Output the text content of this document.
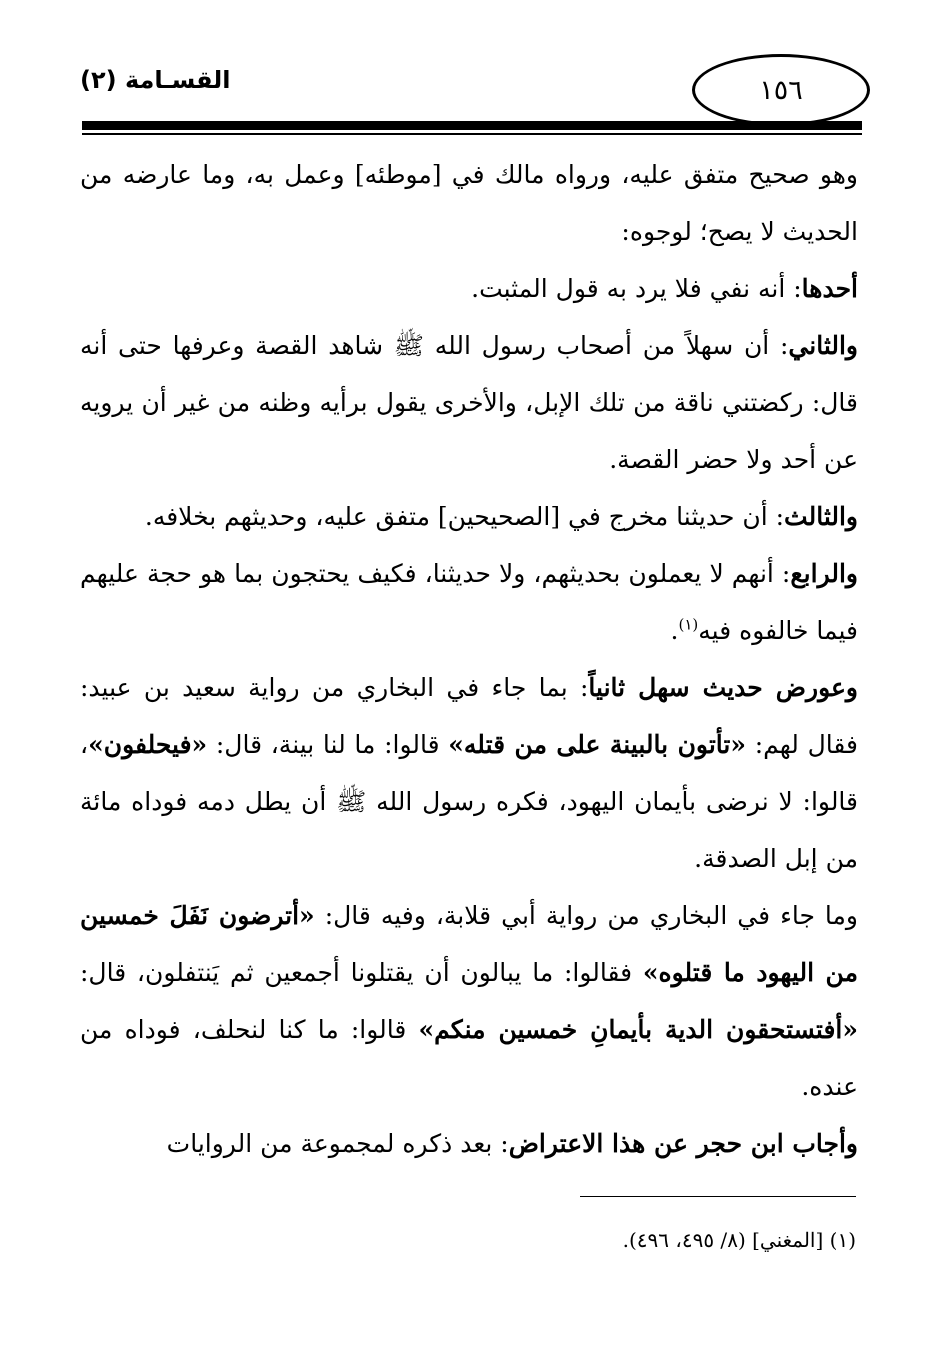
١٥٦
(٢) القسـامة

وهو صحيح متفق عليه، ورواه مالك في [موطئه] وعمل به، وما عارضه من الحديث لا يصح؛ لوجوه:

أحدها: أنه نفي فلا يرد به قول المثبت.

والثاني: أن سهلاً من أصحاب رسول الله ﷺ شاهد القصة وعرفها حتى أنه قال: ركضتني ناقة من تلك الإبل، والأخرى يقول برأيه وظنه من غير أن يرويه عن أحد ولا حضر القصة.

والثالث: أن حديثنا مخرج في [الصحيحين] متفق عليه، وحديثهم بخلافه.

والرابع: أنهم لا يعملون بحديثهم، ولا حديثنا، فكيف يحتجون بما هو حجة عليهم فيما خالفوه فيه$^{(١)}$.

وعورض حديث سهل ثانياً: بما جاء في البخاري من رواية سعيد بن عبيد: فقال لهم: «تأتون بالبينة على من قتله» قالوا: ما لنا بينة، قال: «فيحلفون»، قالوا: لا نرضى بأيمان اليهود، فكره رسول الله ﷺ أن يطل دمه فوداه مائة من إبل الصدقة.

وما جاء في البخاري من رواية أبي قلابة، وفيه قال: «أترضون نَفَلَ خمسين من اليهود ما قتلوه» فقالوا: ما يبالون أن يقتلونا أجمعين ثم يَنتفلون، قال: «أفتستحقون الدية بأيمانِ خمسين منكم» قالوا: ما كنا لنحلف، فوداه من عنده.

وأجاب ابن حجر عن هذا الاعتراض: بعد ذكره لمجموعة من الروايات

(١) [المغني] (٨/ ٤٩٥، ٤٩٦).
